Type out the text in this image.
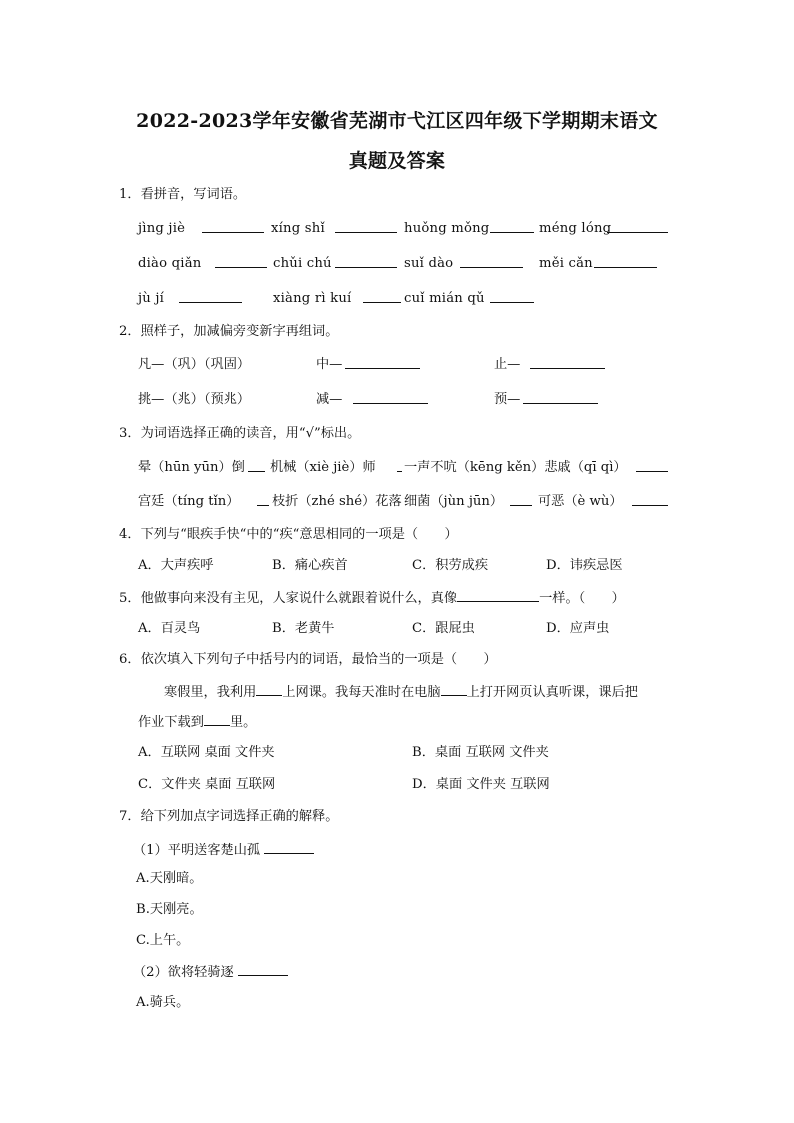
2022-2023学年安徽省芜湖市弋江区四年级下学期期末语文
真题及答案
1．看拼音，写词语。
jìng jiè	xíng shǐ	huǒng mǒng	méng lóng
diào qiǎn	chǔi chú	suǐ dào	měi cǎn
jù jí	xiàng rì kuí	cuǐ mián qǔ
2．照样子，加减偏旁变新字再组词。
凡—（巩）（巩固）	中—	止—
挑—（兆）（预兆）	减—	预—
3．为词语选择正确的读音，用“√”标出。
晕（hūn yūn）倒 机械（xiè jiè）师 一声不吭（kēng kěn）悲戚（qī qì）
宫廷（tíng tǐn） 枝折（zhé shé）花落 细菌（jùn jūn）	可恶（è wù）
4．下列与“眼疾手快“中的“疾“意思相同的一项是（　　）
A．大声疾呼	B．痛心疾首	C．积劳成疾	D．讳疾忌医
5．他做事向来没有主见，人家说什么就跟着说什么，真像	一样。（　　）
A．百灵鸟	B．老黄牛	C．跟屁虫	D．应声虫
6．依次填入下列句子中括号内的词语，最恰当的一项是（　　）
寒假里，我利用 上网课。我每天准时在电脑 上打开网页认真听课，课后把
作业下载到 里。
A．互联网 桌面 文件夹	B．桌面 互联网 文件夹
C．文件夹 桌面 互联网	D．桌面 文件夹 互联网
7．给下列加点字词选择正确的解释。
（1）平明送客楚山孤
A.天刚暗。
B.天刚亮。
C.上午。
（2）欲将轻骑逐
A.骑兵。
